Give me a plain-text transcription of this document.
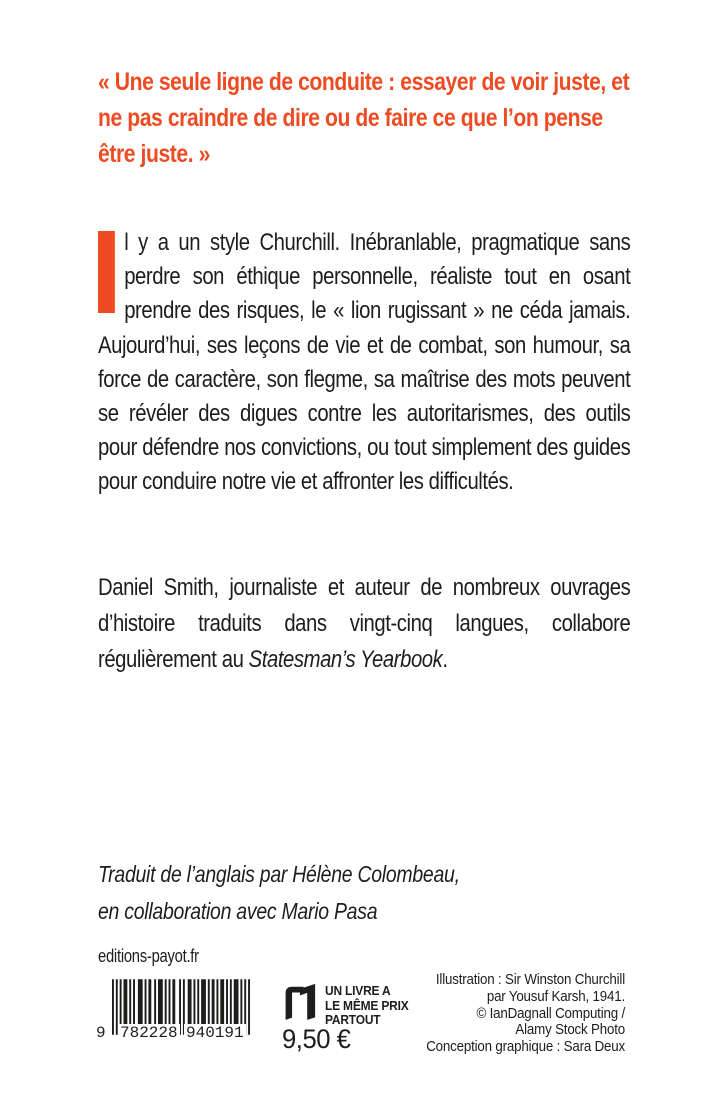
« Une seule ligne de conduite : essayer de voir juste, et ne pas craindre de dire ou de faire ce que l’on pense être juste. »
l y a un style Churchill. Inébranlable, pragmatique sans perdre son éthique personnelle, réaliste tout en osant prendre des risques, le « lion rugissant » ne céda jamais. Aujourd’hui, ses leçons de vie et de combat, son humour, sa force de caractère, son flegme, sa maîtrise des mots peuvent se révéler des digues contre les autoritarismes, des outils pour défendre nos convictions, ou tout simplement des guides pour conduire notre vie et affronter les difficultés.
Daniel Smith, journaliste et auteur de nombreux ouvrages d’histoire traduits dans vingt-cinq langues, collabore régulièrement au Statesman’s Yearbook.
Traduit de l’anglais par Hélène Colombeau,
en collaboration avec Mario Pasa
editions-payot.fr
9 782228 940191
UN LIVRE A
LE MÊME PRIX
PARTOUT
9,50 €
Illustration : Sir Winston Churchill
par Yousuf Karsh, 1941.
© IanDagnall Computing /
Alamy Stock Photo
Conception graphique : Sara Deux
